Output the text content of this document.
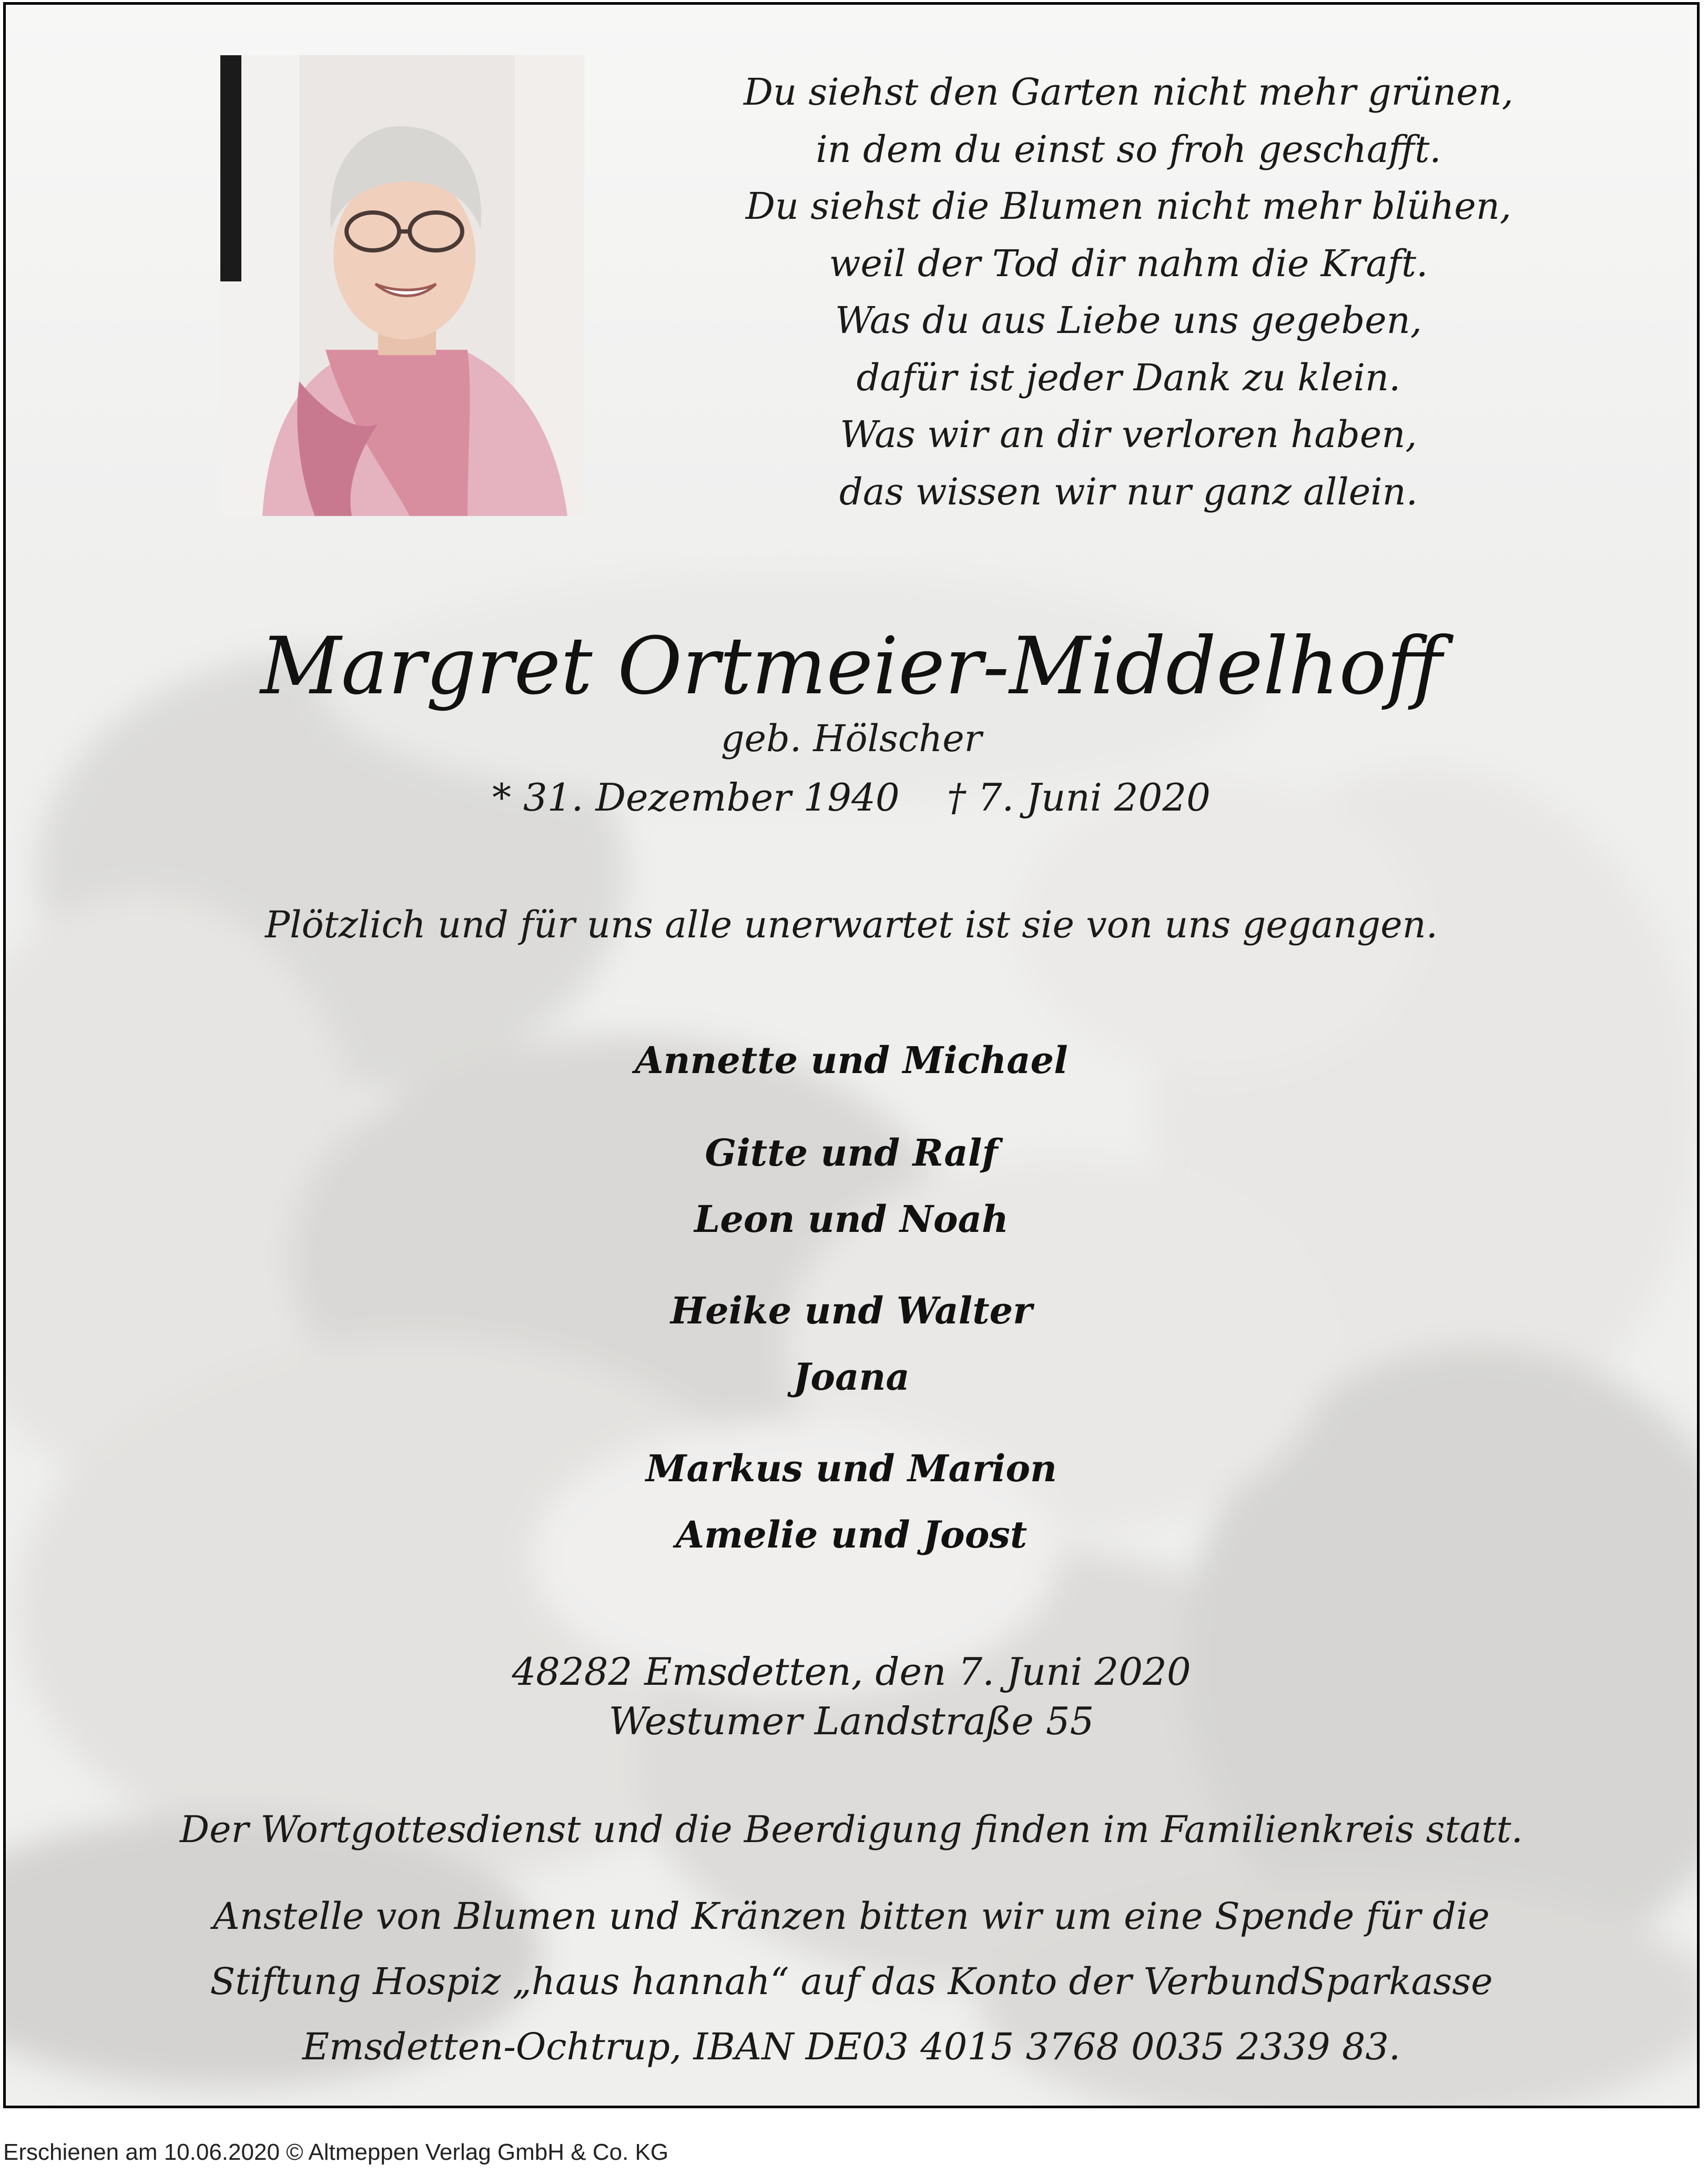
Du siehst den Garten nicht mehr grünen,
in dem du einst so froh geschafft.
Du siehst die Blumen nicht mehr blühen,
weil der Tod dir nahm die Kraft.
Was du aus Liebe uns gegeben,
dafür ist jeder Dank zu klein.
Was wir an dir verloren haben,
das wissen wir nur ganz allein.
Margret Ortmeier-Middelhoff
geb. Hölscher
* 31. Dezember 1940 † 7. Juni 2020
Plötzlich und für uns alle unerwartet ist sie von uns gegangen.
Annette und Michael
Gitte und Ralf
Leon und Noah
Heike und Walter
Joana
Markus und Marion
Amelie und Joost
48282 Emsdetten, den 7. Juni 2020
Westumer Landstraße 55
Der Wortgottesdienst und die Beerdigung finden im Familienkreis statt.
Anstelle von Blumen und Kränzen bitten wir um eine Spende für die
Stiftung Hospiz „haus hannah“ auf das Konto der VerbundSparkasse
Emsdetten-Ochtrup, IBAN DE03 4015 3768 0035 2339 83.
Erschienen am 10.06.2020 © Altmeppen Verlag GmbH & Co. KG
